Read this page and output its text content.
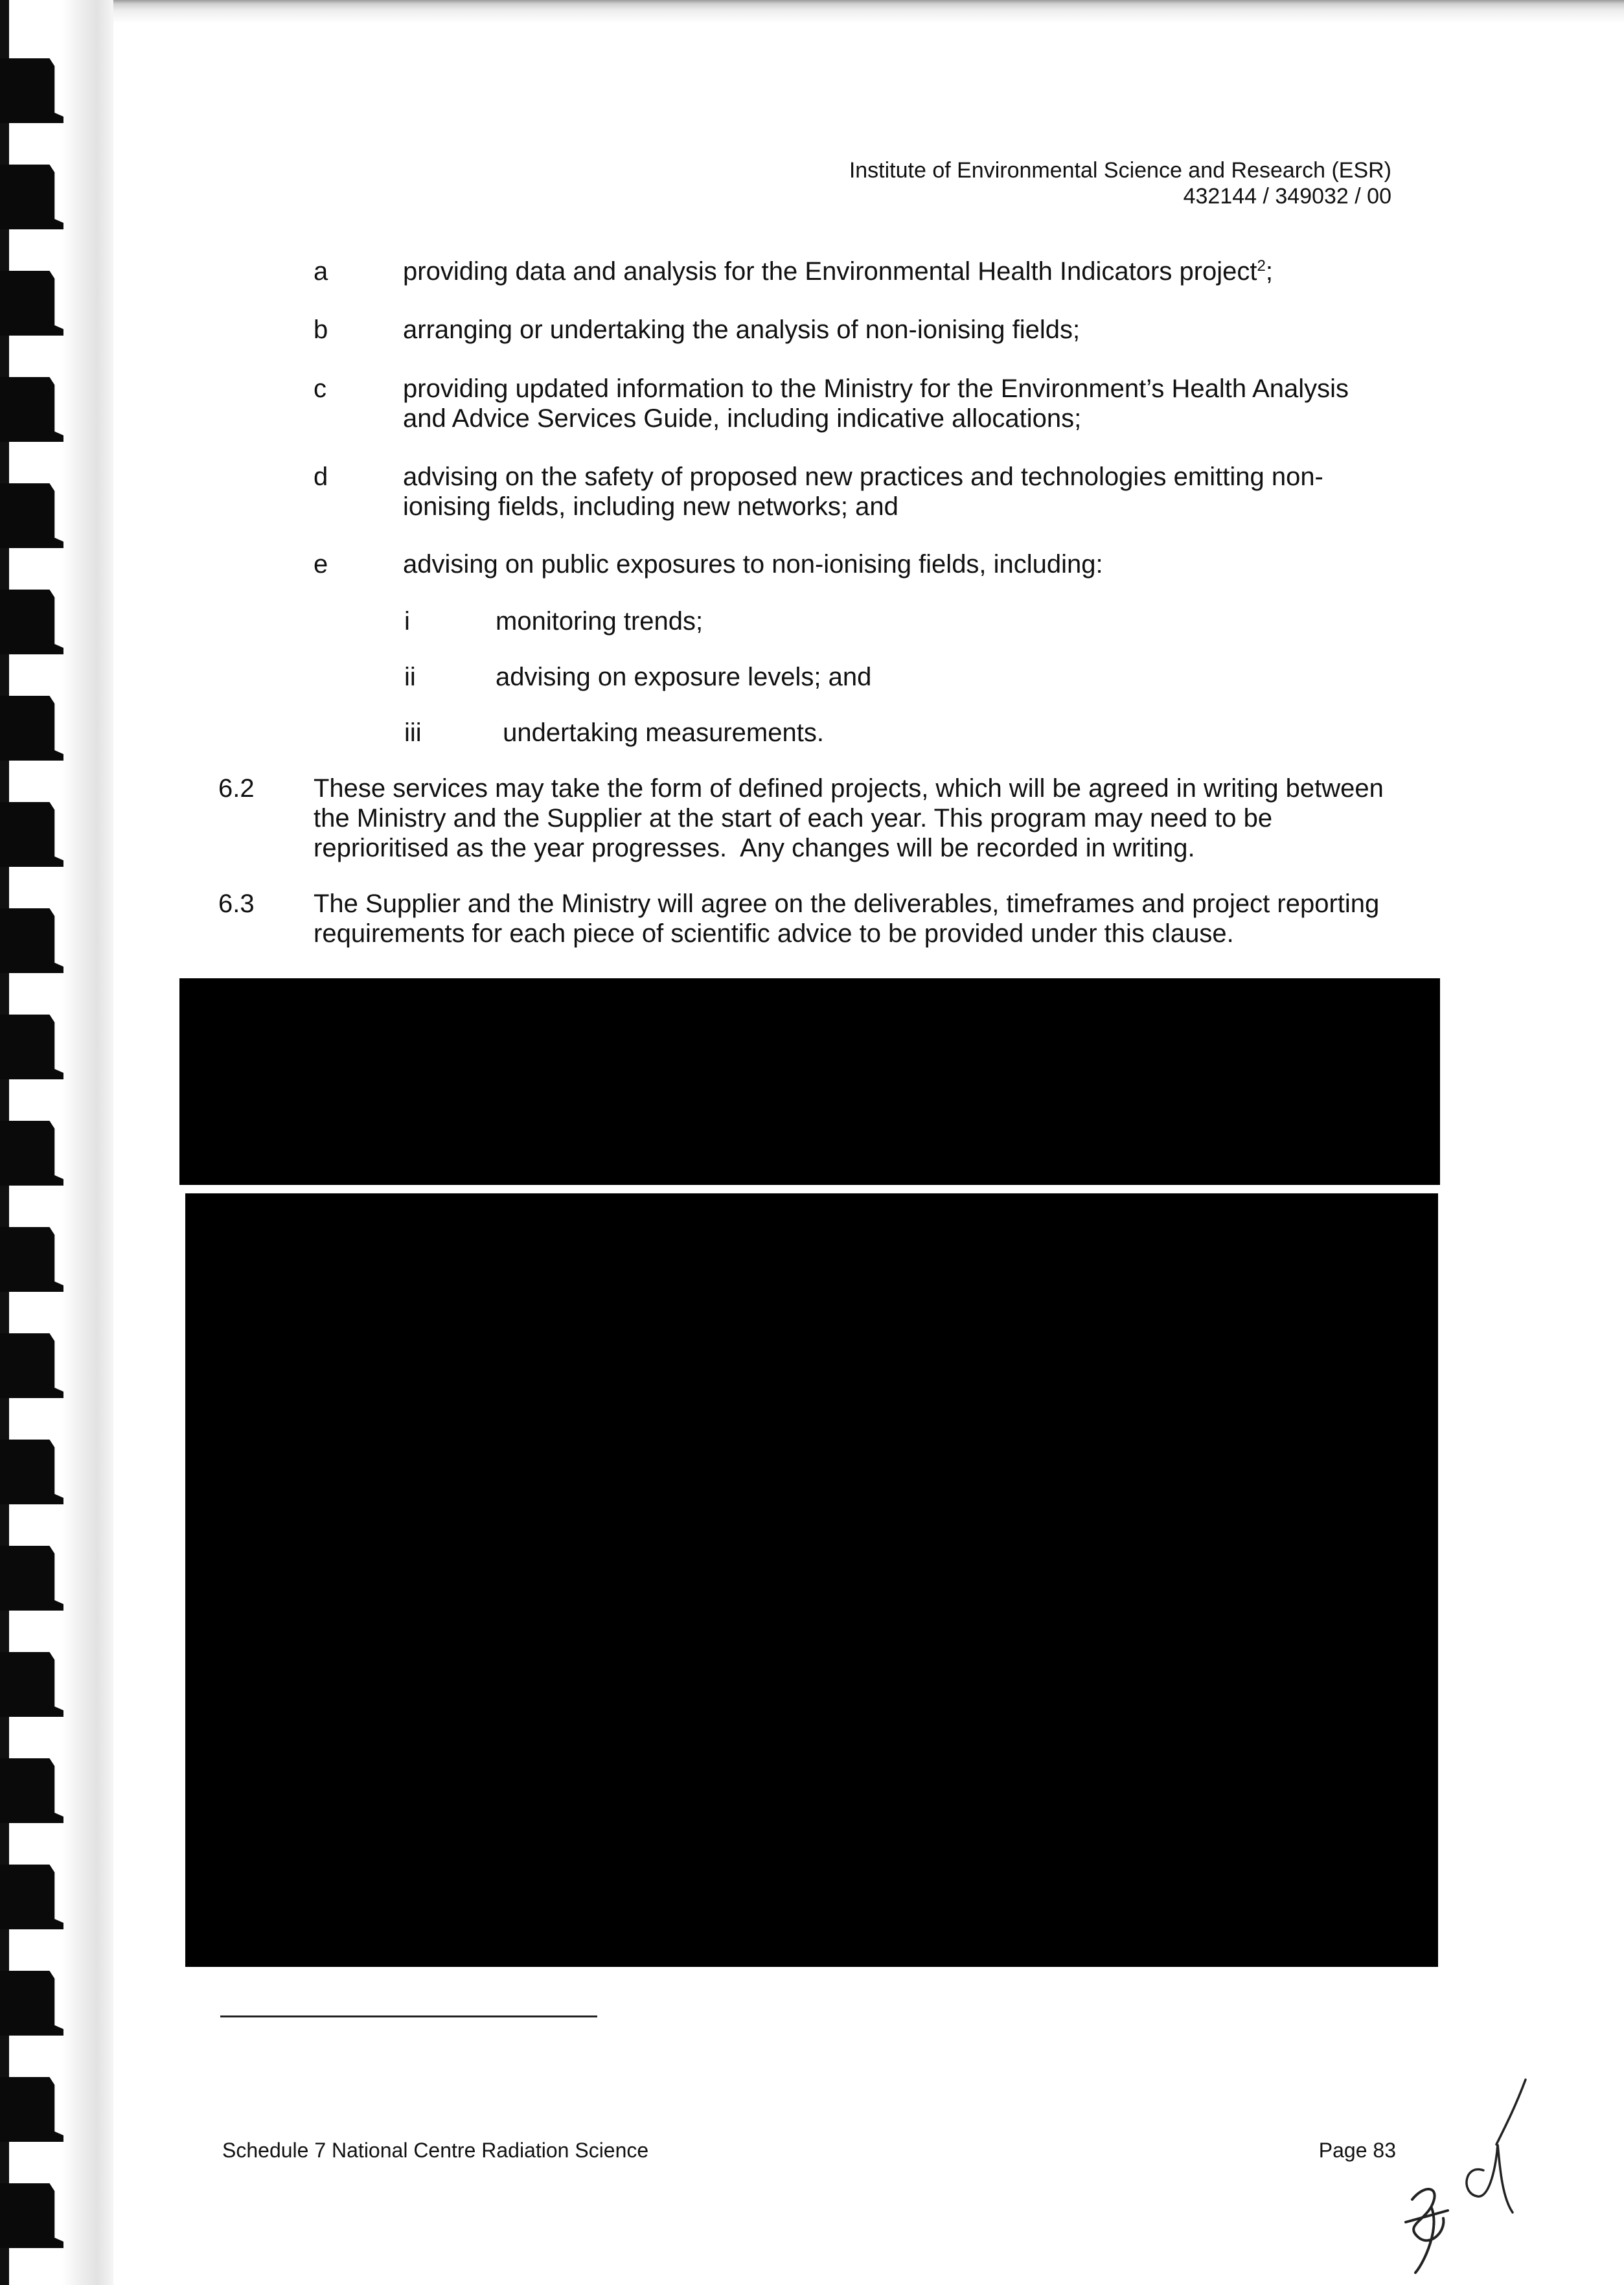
Institute of Environmental Science and Research (ESR)
432144 / 349032 / 00
a	providing data and analysis for the Environmental Health Indicators project$^2$;
b	arranging or undertaking the analysis of non-ionising fields;
c	providing updated information to the Ministry for the Environment’s Health Analysis
and Advice Services Guide, including indicative allocations;
d	advising on the safety of proposed new practices and technologies emitting non-
ionising fields, including new networks; and
e	advising on public exposures to non-ionising fields, including:
i	monitoring trends;
ii	advising on exposure levels; and
iii	undertaking measurements.
6.2 These services may take the form of defined projects, which will be agreed in writing between
the Ministry and the Supplier at the start of each year. This program may need to be
reprioritised as the year progresses.  Any changes will be recorded in writing.
6.3 The Supplier and the Ministry will agree on the deliverables, timeframes and project reporting
requirements for each piece of scientific advice to be provided under this clause.
Schedule 7 National Centre Radiation Science	Page 83
